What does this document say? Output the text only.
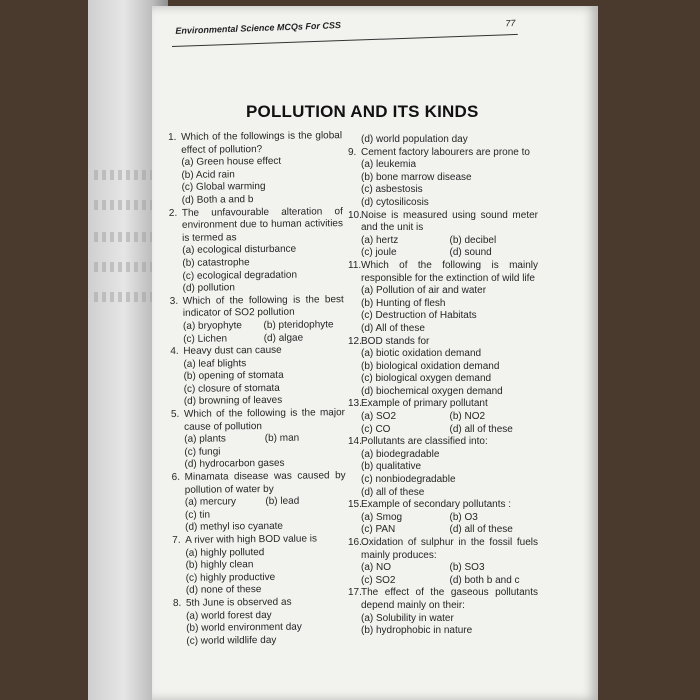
Environmental Science MCQs For CSS	77
POLLUTION AND ITS KINDS
1. Which of the followings is the global effect of pollution?
(a) Green house effect
(b) Acid rain
(c) Global warming
(d) Both a and b
2. The unfavourable alteration of environment due to human activities is termed as
(a) ecological disturbance
(b) catastrophe
(c) ecological degradation
(d) pollution
3. Which of the following is the best indicator of SO2 pollution
(a) bryophyte	(b) pteridophyte
(c) Lichen	(d) algae
4. Heavy dust can cause
(a) leaf blights
(b) opening of stomata
(c) closure of stomata
(d) browning of leaves
5. Which of the following is the major cause of pollution
(a) plants	(b) man
(c) fungi
(d) hydrocarbon gases
6. Minamata disease was caused by pollution of water by
(a) mercury	(b) lead
(c) tin
(d) methyl iso cyanate
7. A river with high BOD value is
(a) highly polluted
(b) highly clean
(c) highly productive
(d) none of these
8. 5th June is observed as
(a) world forest day
(b) world environment day
(c) world wildlife day
(d) world population day
9. Cement factory labourers are prone to
(a) leukemia
(b) bone marrow disease
(c) asbestosis
(d) cytosilicosis
10.Noise is measured using sound meter and the unit is
(a) hertz	(b) decibel
(c) joule	(d) sound
11.Which of the following is mainly responsible for the extinction of wild life
(a) Pollution of air and water
(b) Hunting of flesh
(c) Destruction of Habitats
(d) All of these
12.BOD stands for
(a) biotic oxidation demand
(b) biological oxidation demand
(c) biological oxygen demand
(d) biochemical oxygen demand
13.Example of primary pollutant
(a) SO2	(b) NO2
(c) CO	(d) all of these
14.Pollutants are classified into:
(a) biodegradable
(b) qualitative
(c) nonbiodegradable
(d) all of these
15.Example of secondary pollutants :
(a) Smog	(b) O3
(c) PAN	(d) all of these
16.Oxidation of sulphur in the fossil fuels mainly produces:
(a) NO	(b) SO3
(c) SO2	(d) both b and c
17.The effect of the gaseous pollutants depend mainly on their:
(a) Solubility in water
(b) hydrophobic in nature
